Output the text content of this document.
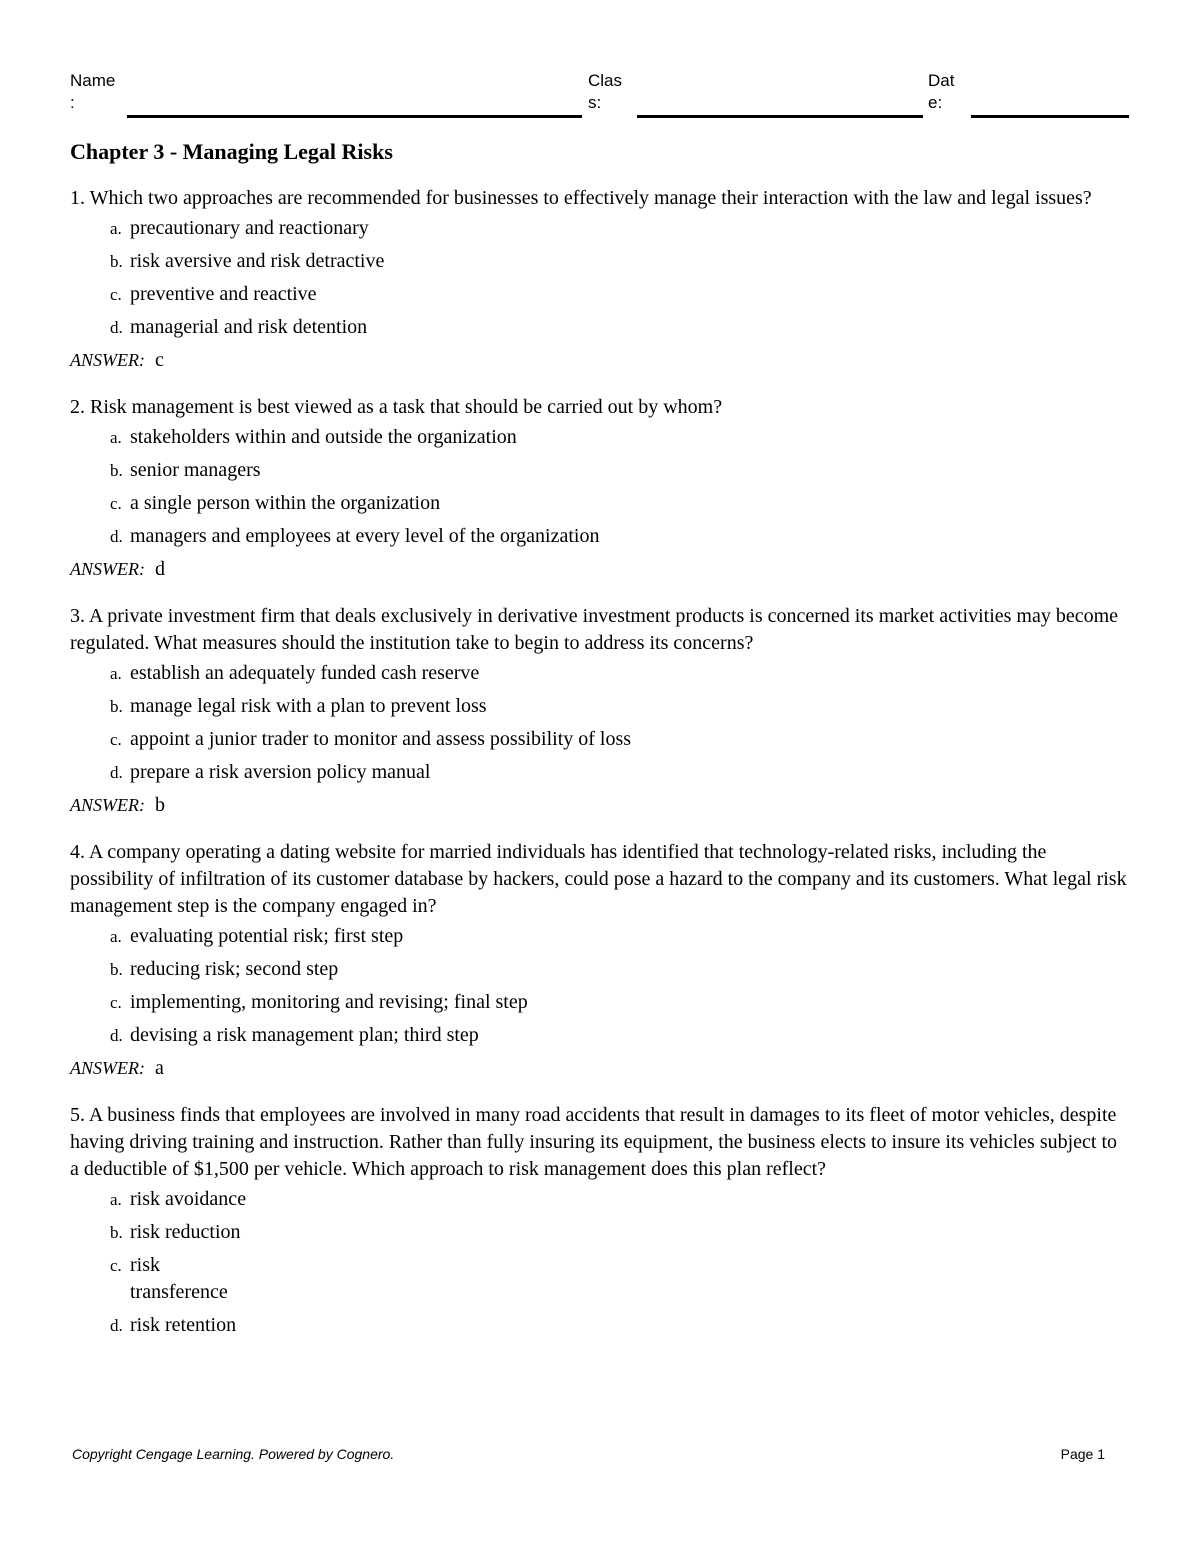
Name
:
Clas
s:
Dat
e:
Chapter 3 - Managing Legal Risks

1. Which two approaches are recommended for businesses to effectively manage their interaction with the law and legal issues?

a. precautionary and reactionary
b. risk aversive and risk detractive
c. preventive and reactive
d. managerial and risk detention
ANSWER: c

2. Risk management is best viewed as a task that should be carried out by whom?

a. stakeholders within and outside the organization
b. senior managers
c. a single person within the organization
d. managers and employees at every level of the organization
ANSWER: d

3. A private investment firm that deals exclusively in derivative investment products is concerned its market activities may become regulated. What measures should the institution take to begin to address its concerns?

a. establish an adequately funded cash reserve
b. manage legal risk with a plan to prevent loss
c. appoint a junior trader to monitor and assess possibility of loss
d. prepare a risk aversion policy manual
ANSWER: b

4. A company operating a dating website for married individuals has identified that technology-related risks, including the possibility of infiltration of its customer database by hackers, could pose a hazard to the company and its customers. What legal risk management step is the company engaged in?

a. evaluating potential risk; first step
b. reducing risk; second step
c. implementing, monitoring and revising; final step
d. devising a risk management plan; third step
ANSWER: a

5. A business finds that employees are involved in many road accidents that result in damages to its fleet of motor vehicles, despite having driving training and instruction. Rather than fully insuring its equipment, the business elects to insure its vehicles subject to a deductible of $1,500 per vehicle. Which approach to risk management does this plan reflect?

a. risk avoidance
b. risk reduction
c. risk transference
d. risk retention
Copyright Cengage Learning. Powered by Cognero.	Page 1
